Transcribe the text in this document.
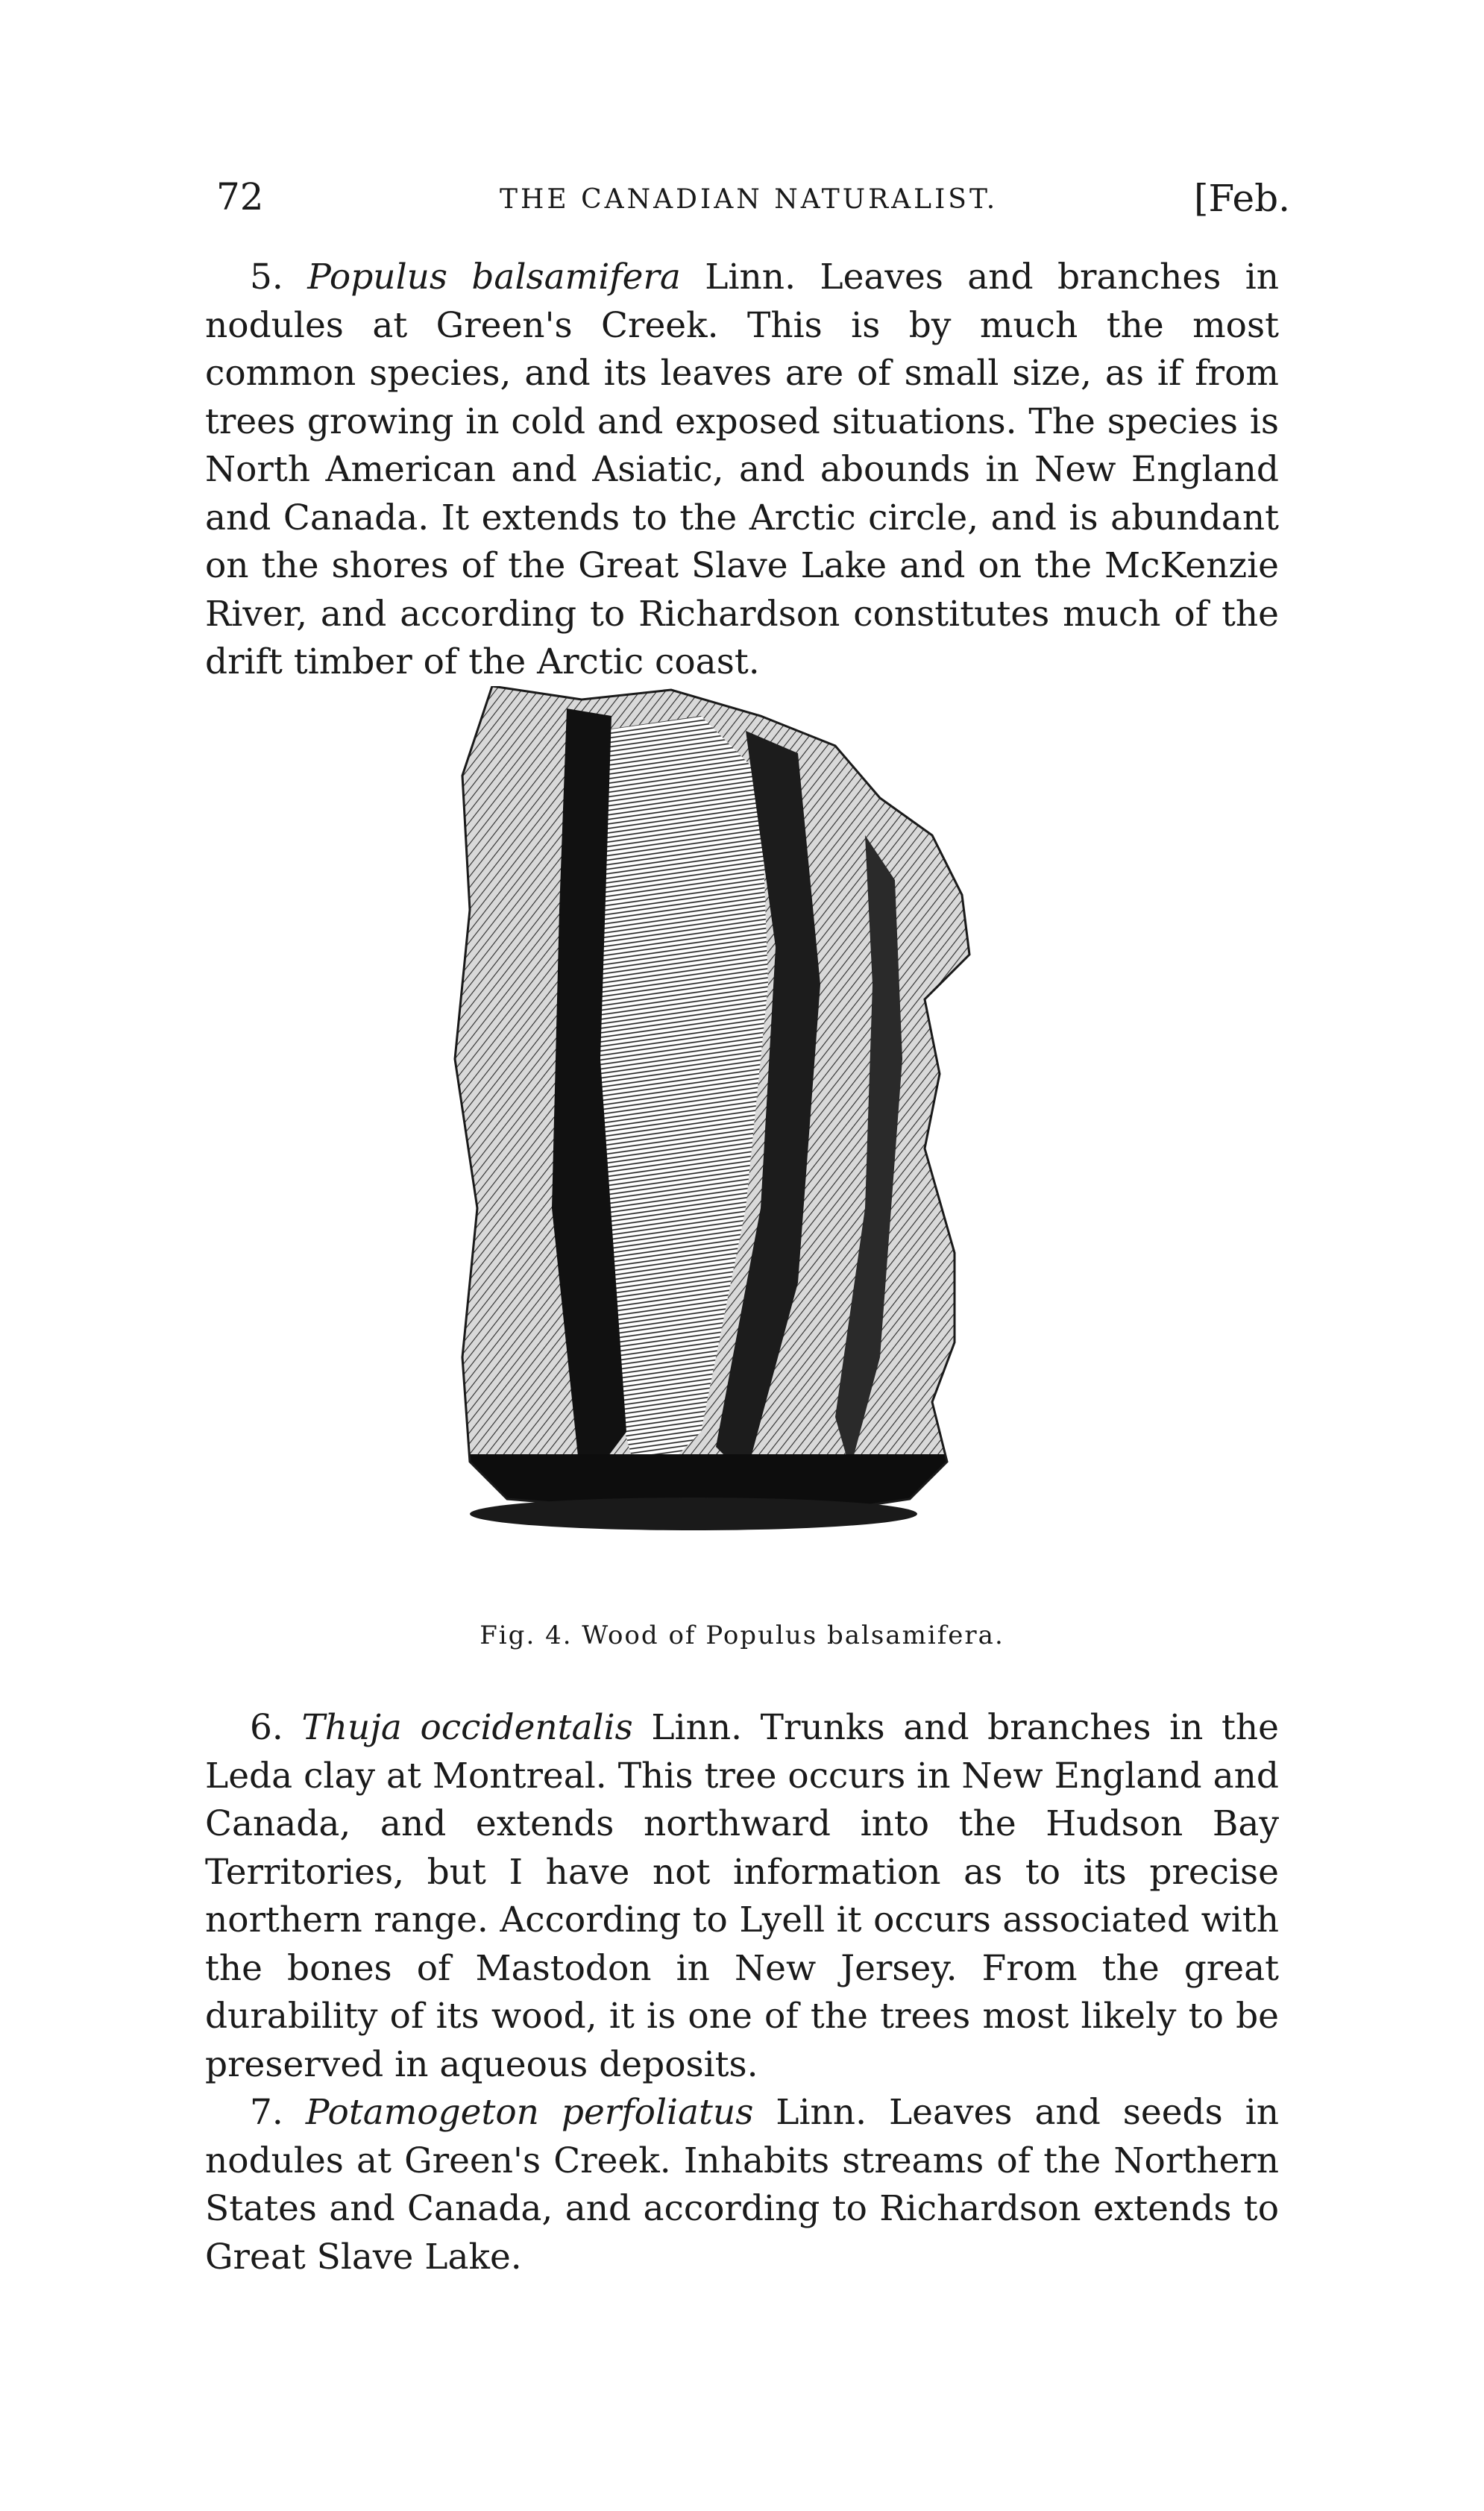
72	THE CANADIAN NATURALIST.	[Feb.

5. Populus balsamifera Linn. Leaves and branches in nodules at Green's Creek. This is by much the most common species, and its leaves are of small size, as if from trees growing in cold and exposed situations. The species is North American and Asiatic, and abounds in New England and Canada. It extends to the Arctic circle, and is abundant on the shores of the Great Slave Lake and on the McKenzie River, and according to Richardson constitutes much of the drift timber of the Arctic coast.

Fig. 4. Wood of Populus balsamifera.

6. Thuja occidentalis Linn. Trunks and branches in the Leda clay at Montreal. This tree occurs in New England and Canada, and extends northward into the Hudson Bay Territories, but I have not information as to its precise northern range. According to Lyell it occurs associated with the bones of Mastodon in New Jersey. From the great durability of its wood, it is one of the trees most likely to be preserved in aqueous deposits.

7. Potamogeton perfoliatus Linn. Leaves and seeds in nodules at Green's Creek. Inhabits streams of the Northern States and Canada, and according to Richardson extends to Great Slave Lake.
